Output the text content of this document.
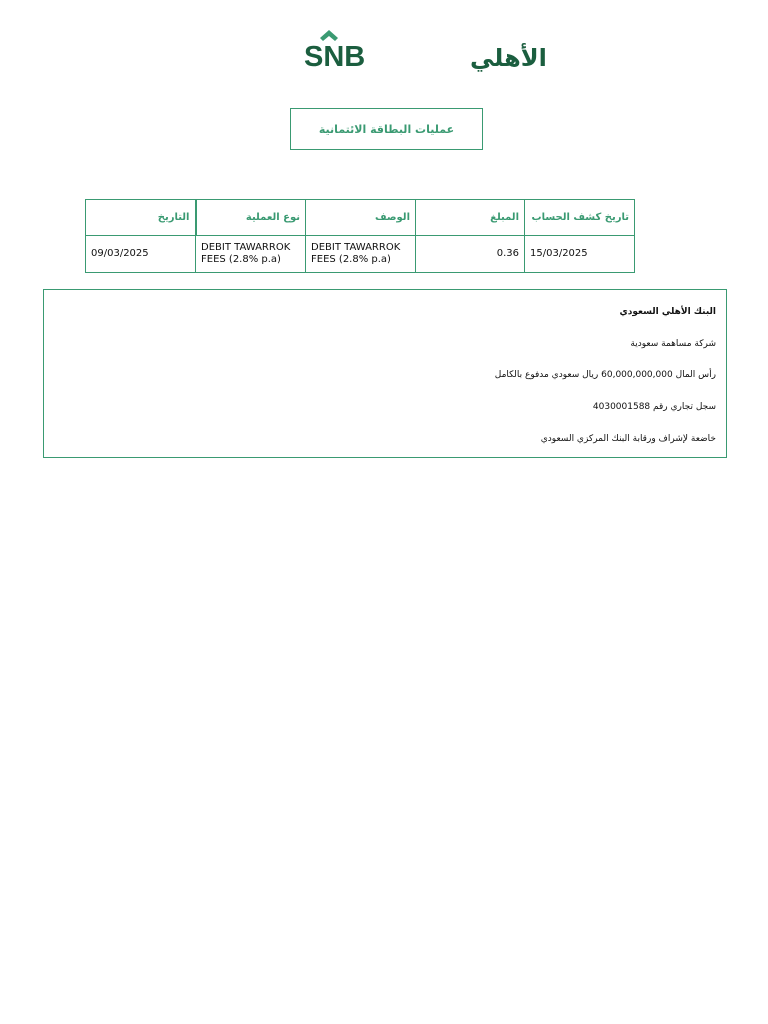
SNB	الأهلي
عمليات البطاقة الائتمانية
التاريخ	نوع العملية	الوصف	المبلغ	تاريخ كشف الحساب
09/03/2025	DEBIT TAWARROK FEES (2.8% p.a)	DEBIT TAWARROK FEES (2.8% p.a)	0.36	15/03/2025
البنك الأهلي السعودي
شركة مساهمة سعودية
رأس المال 60,000,000,000 ريال سعودي مدفوع بالكامل
سجل تجاري رقم 4030001588
خاضعة لإشراف ورقابة البنك المركزي السعودي
